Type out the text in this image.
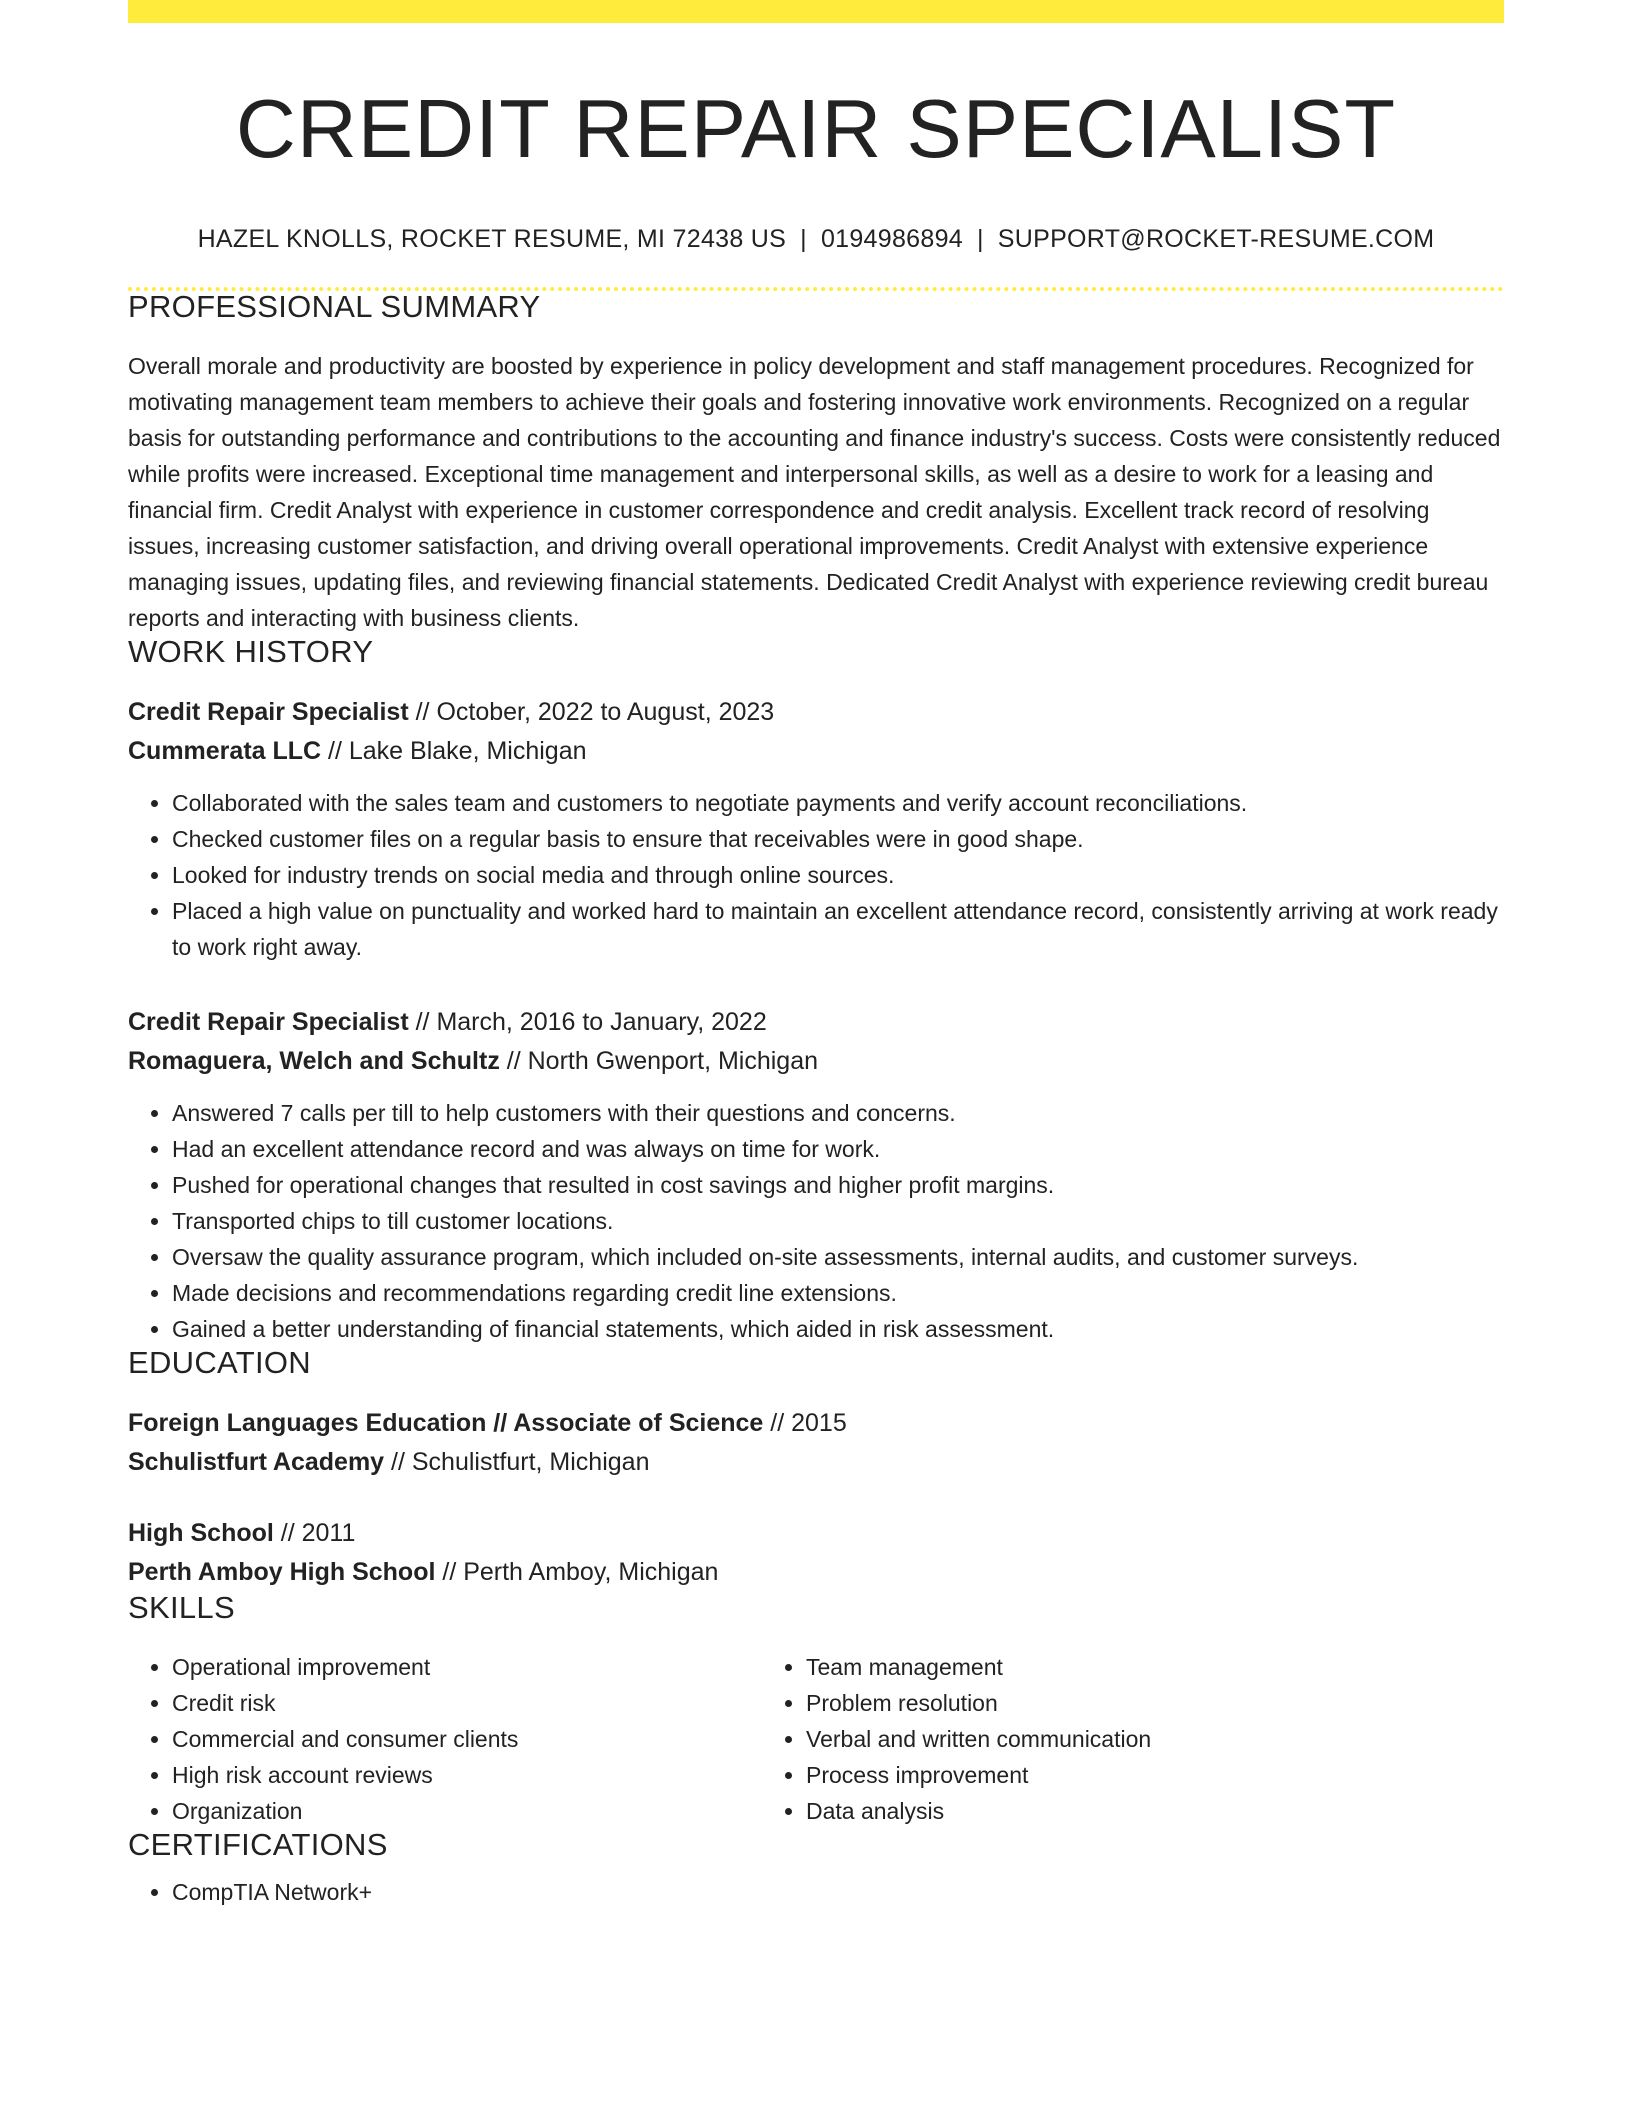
CREDIT REPAIR SPECIALIST
HAZEL KNOLLS, ROCKET RESUME, MI 72438 US | 0194986894 | SUPPORT@ROCKET-RESUME.COM
PROFESSIONAL SUMMARY
Overall morale and productivity are boosted by experience in policy development and staff management procedures. Recognized for motivating management team members to achieve their goals and fostering innovative work environments. Recognized on a regular basis for outstanding performance and contributions to the accounting and finance industry's success. Costs were consistently reduced while profits were increased. Exceptional time management and interpersonal skills, as well as a desire to work for a leasing and financial firm. Credit Analyst with experience in customer correspondence and credit analysis. Excellent track record of resolving issues, increasing customer satisfaction, and driving overall operational improvements. Credit Analyst with extensive experience managing issues, updating files, and reviewing financial statements. Dedicated Credit Analyst with experience reviewing credit bureau reports and interacting with business clients.
WORK HISTORY
Credit Repair Specialist // October, 2022 to August, 2023
Cummerata LLC // Lake Blake, Michigan
• Collaborated with the sales team and customers to negotiate payments and verify account reconciliations.
• Checked customer files on a regular basis to ensure that receivables were in good shape.
• Looked for industry trends on social media and through online sources.
• Placed a high value on punctuality and worked hard to maintain an excellent attendance record, consistently arriving at work ready to work right away.
Credit Repair Specialist // March, 2016 to January, 2022
Romaguera, Welch and Schultz // North Gwenport, Michigan
• Answered 7 calls per till to help customers with their questions and concerns.
• Had an excellent attendance record and was always on time for work.
• Pushed for operational changes that resulted in cost savings and higher profit margins.
• Transported chips to till customer locations.
• Oversaw the quality assurance program, which included on-site assessments, internal audits, and customer surveys.
• Made decisions and recommendations regarding credit line extensions.
• Gained a better understanding of financial statements, which aided in risk assessment.
EDUCATION
Foreign Languages Education // Associate of Science // 2015
Schulistfurt Academy // Schulistfurt, Michigan
High School // 2011
Perth Amboy High School // Perth Amboy, Michigan
SKILLS
• Operational improvement
• Credit risk
• Commercial and consumer clients
• High risk account reviews
• Organization
• Team management
• Problem resolution
• Verbal and written communication
• Process improvement
• Data analysis
CERTIFICATIONS
• CompTIA Network+
